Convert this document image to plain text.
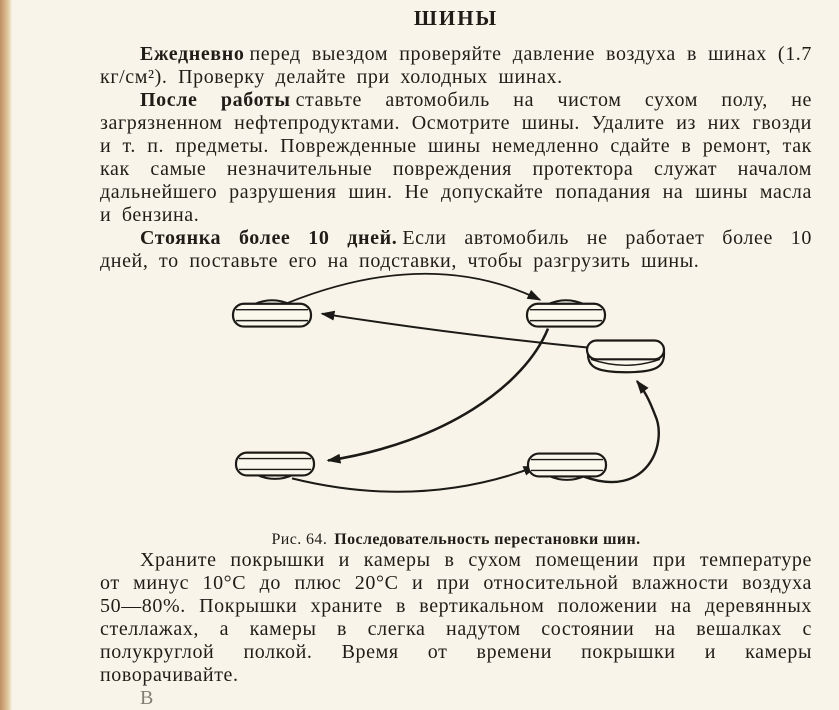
ШИНЫ

Ежедневно перед выездом проверяйте давление воздуха в шинах (1.7 кг/см²). Проверку делайте при холодных шинах.

После работы ставьте автомобиль на чистом сухом полу, не загрязненном нефтепродуктами. Осмотрите шины. Удалите из них гвозди и т. п. предметы. Поврежденные шины немедленно сдайте в ремонт, так как самые незначительные повреждения протектора служат началом дальнейшего разрушения шин. Не допускайте попадания на шины масла и бензина.

Стоянка более 10 дней. Если автомобиль не работает более 10 дней, то поставьте его на подставки, чтобы разгрузить шины.

Рис. 64. Последовательность перестановки шин.

Храните покрышки и камеры в сухом помещении при температуре от минус 10°С до плюс 20°С и при относительной влажности воздуха 50—80%. Покрышки храните в вертикальном положении на деревянных стеллажах, а камеры в слегка надутом состоянии на вешалках с полукруглой полкой. Время от времени покрышки и камеры поворачивайте.

В
